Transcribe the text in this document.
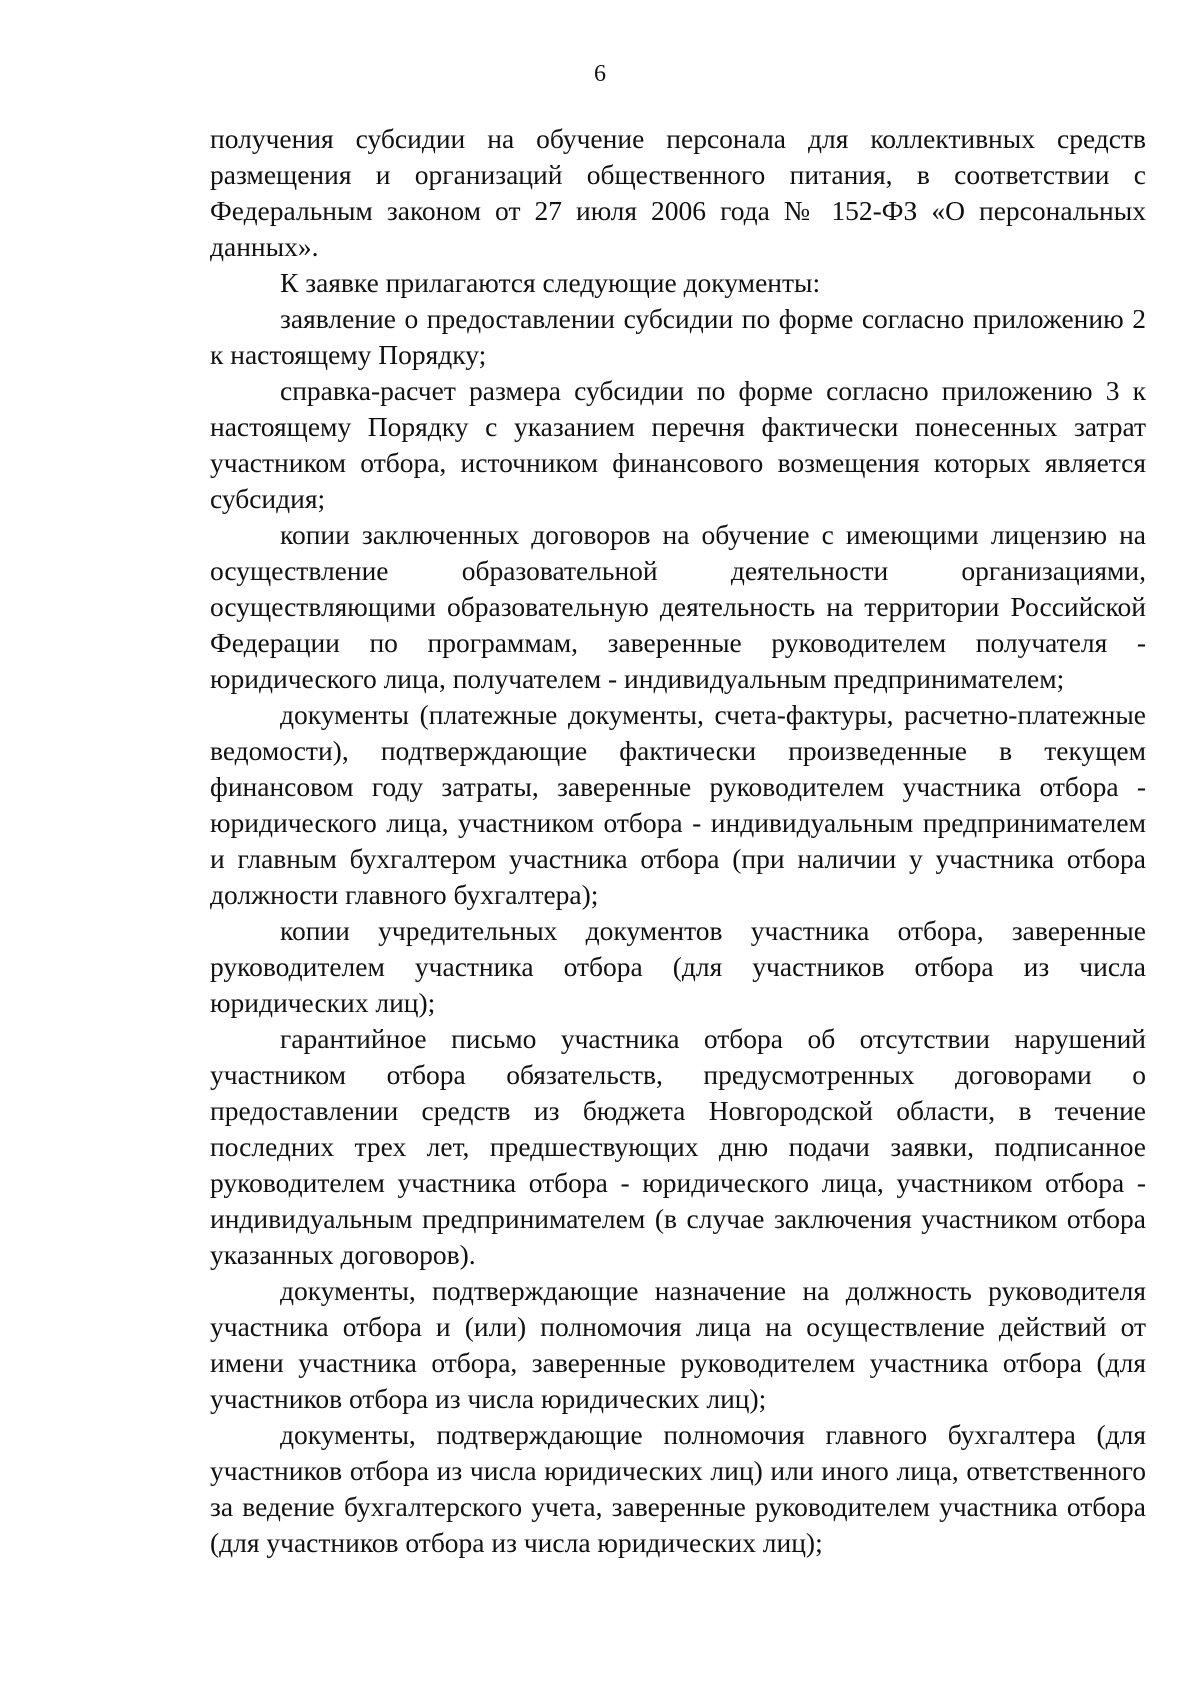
6

получения субсидии на обучение персонала для коллективных средств размещения и организаций общественного питания, в соответствии с Федеральным законом от 27 июля 2006 года № 152-ФЗ «О персональных данных».

К заявке прилагаются следующие документы:

заявление о предоставлении субсидии по форме согласно приложению 2 к настоящему Порядку;

справка-расчет размера субсидии по форме согласно приложению 3 к настоящему Порядку с указанием перечня фактически понесенных затрат участником отбора, источником финансового возмещения которых является субсидия;

копии заключенных договоров на обучение с имеющими лицензию на осуществление образовательной деятельности организациями, осуществляющими образовательную деятельность на территории Российской Федерации по программам, заверенные руководителем получателя - юридического лица, получателем - индивидуальным предпринимателем;

документы (платежные документы, счета-фактуры, расчетно-платежные ведомости), подтверждающие фактически произведенные в текущем финансовом году затраты, заверенные руководителем участника отбора - юридического лица, участником отбора - индивидуальным предпринимателем и главным бухгалтером участника отбора (при наличии у участника отбора должности главного бухгалтера);

копии учредительных документов участника отбора, заверенные руководителем участника отбора (для участников отбора из числа юридических лиц);

гарантийное письмо участника отбора об отсутствии нарушений участником отбора обязательств, предусмотренных договорами о предоставлении средств из бюджета Новгородской области, в течение последних трех лет, предшествующих дню подачи заявки, подписанное руководителем участника отбора - юридического лица, участником отбора - индивидуальным предпринимателем (в случае заключения участником отбора указанных договоров).

документы, подтверждающие назначение на должность руководителя участника отбора и (или) полномочия лица на осуществление действий от имени участника отбора, заверенные руководителем участника отбора (для участников отбора из числа юридических лиц);

документы, подтверждающие полномочия главного бухгалтера (для участников отбора из числа юридических лиц) или иного лица, ответственного за ведение бухгалтерского учета, заверенные руководителем участника отбора (для участников отбора из числа юридических лиц);
